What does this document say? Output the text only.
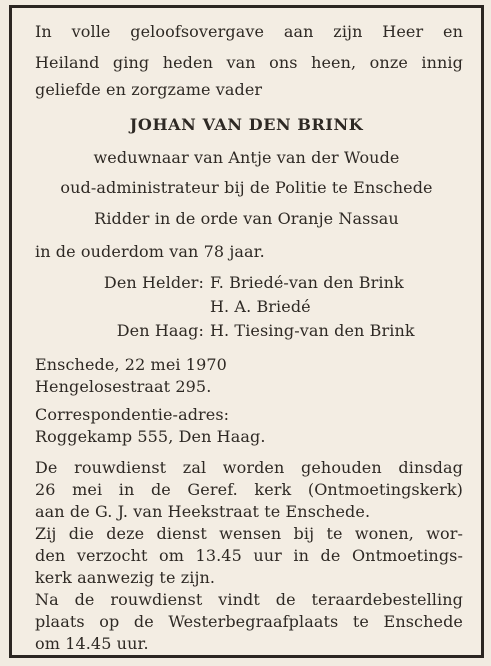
In volle geloofsovergave aan zijn Heer en
Heiland ging heden van ons heen, onze innig
geliefde en zorgzame vader
JOHAN VAN DEN BRINK
weduwnaar van Antje van der Woude
oud-administrateur bij de Politie te Enschede
Ridder in de orde van Oranje Nassau
in de ouderdom van 78 jaar.
Den Helder: F. Briedé-van den Brink
H. A. Briedé
Den Haag: H. Tiesing-van den Brink
Enschede, 22 mei 1970
Hengelosestraat 295.
Correspondentie-adres:
Roggekamp 555, Den Haag.
De rouwdienst zal worden gehouden dinsdag
26 mei in de Geref. kerk (Ontmoetingskerk)
aan de G. J. van Heekstraat te Enschede.
Zij die deze dienst wensen bij te wonen, wor-
den verzocht om 13.45 uur in de Ontmoetings-
kerk aanwezig te zijn.
Na de rouwdienst vindt de teraardebestelling
plaats op de Westerbegraafplaats te Enschede
om 14.45 uur.
